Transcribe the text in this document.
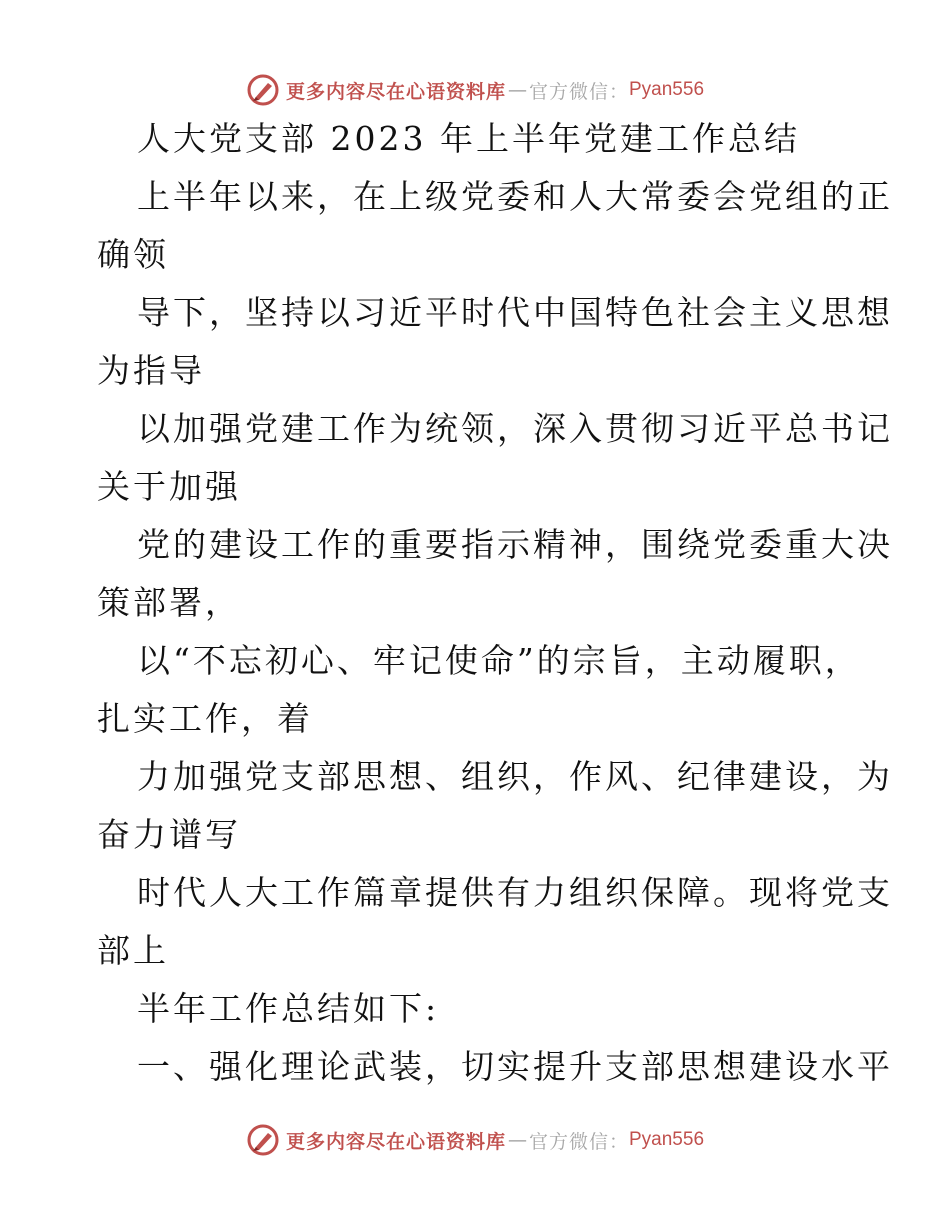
更多内容尽在心语资料库 — 官方微信： Pyan556
人大党支部 2023 年上半年党建工作总结
上半年以来，在上级党委和人大常委会党组的正
确领
导下，坚持以习近平时代中国特色社会主义思想
为指导
以加强党建工作为统领，深入贯彻习近平总书记
关于加强
党的建设工作的重要指示精神，围绕党委重大决
策部署，
以“不忘初心、牢记使命”的宗旨，主动履职，
扎实工作，着
力加强党支部思想、组织，作风、纪律建设，为
奋力谱写
时代人大工作篇章提供有力组织保障。现将党支
部上
半年工作总结如下:
一、强化理论武装，切实提升支部思想建设水平
更多内容尽在心语资料库 — 官方微信： Pyan556
